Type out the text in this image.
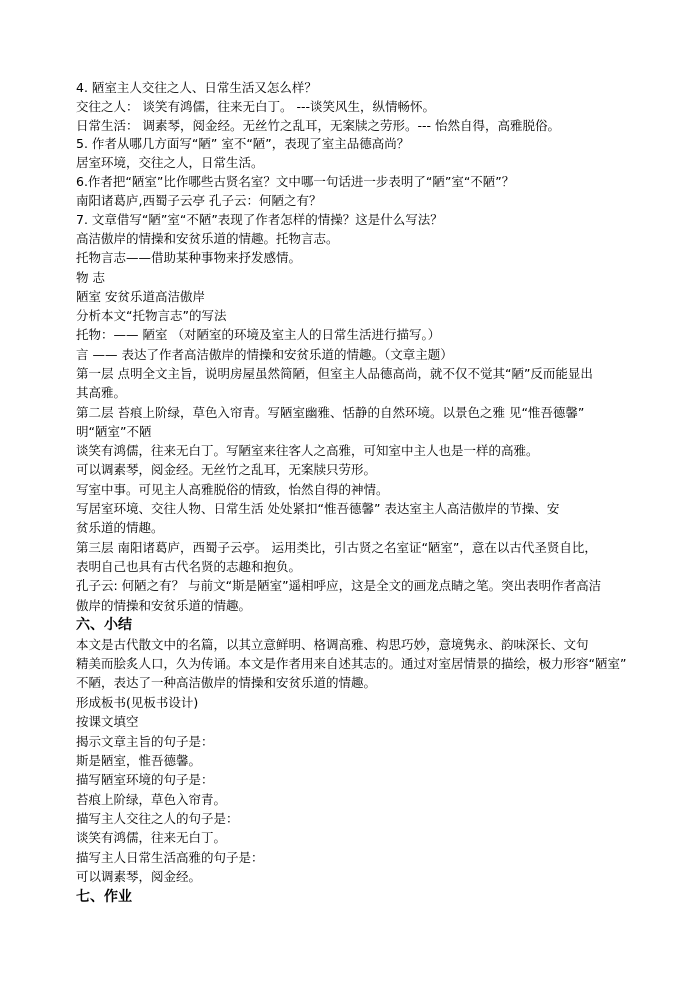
4. 陋室主人交往之人、日常生活又怎么样？
交往之人： 谈笑有鸿儒，往来无白丁。 ---谈笑风生，纵情畅怀。
日常生活： 调素琴，阅金经。无丝竹之乱耳，无案牍之劳形。--- 怡然自得，高雅脱俗。
5. 作者从哪几方面写“陋” 室不“陋”，表现了室主品德高尚？
居室环境，交往之人，日常生活。
6.作者把“陋室”比作哪些古贤名室？文中哪一句话进一步表明了“陋”室“不陋”？
南阳诸葛庐,西蜀子云亭 孔子云：何陋之有？
7. 文章借写“陋”室“不陋”表现了作者怎样的情操？这是什么写法？
高洁傲岸的情操和安贫乐道的情趣。托物言志。
托物言志——借助某种事物来抒发感情。
物 志
陋室 安贫乐道高洁傲岸
分析本文“托物言志”的写法
托物：—— 陋室 （对陋室的环境及室主人的日常生活进行描写。）
言 —— 表达了作者高洁傲岸的情操和安贫乐道的情趣。（文章主题）
第一层 点明全文主旨，说明房屋虽然简陋，但室主人品德高尚，就不仅不觉其“陋”反而能显出
其高雅。
第二层 苔痕上阶绿，草色入帘青。写陋室幽雅、恬静的自然环境。以景色之雅 见“惟吾德馨”
明“陋室”不陋
谈笑有鸿儒，往来无白丁。写陋室来往客人之高雅，可知室中主人也是一样的高雅。
可以调素琴，阅金经。无丝竹之乱耳，无案牍只劳形。
写室中事。可见主人高雅脱俗的情致，怡然自得的神情。
写居室环境、交往人物、日常生活 处处紧扣“惟吾德馨” 表达室主人高洁傲岸的节操、安
贫乐道的情趣。
第三层 南阳诸葛庐，西蜀子云亭。 运用类比，引古贤之名室证“陋室”，意在以古代圣贤自比，
表明自己也具有古代名贤的志趣和抱负。
孔子云: 何陋之有？ 与前文“斯是陋室”遥相呼应，这是全文的画龙点睛之笔。突出表明作者高洁
傲岸的情操和安贫乐道的情趣。
六、小结
本文是古代散文中的名篇，以其立意鲜明、格调高雅、构思巧妙，意境隽永、韵味深长、文句
精美而脍炙人口，久为传诵。本文是作者用来自述其志的。通过对室居情景的描绘，极力形容“陋室”
不陋，表达了一种高洁傲岸的情操和安贫乐道的情趣。
形成板书(见板书设计)
按课文填空
揭示文章主旨的句子是：
斯是陋室，惟吾德馨。
描写陋室环境的句子是：
苔痕上阶绿，草色入帘青。
描写主人交往之人的句子是：
谈笑有鸿儒，往来无白丁。
描写主人日常生活高雅的句子是：
可以调素琴，阅金经。
七、作业
